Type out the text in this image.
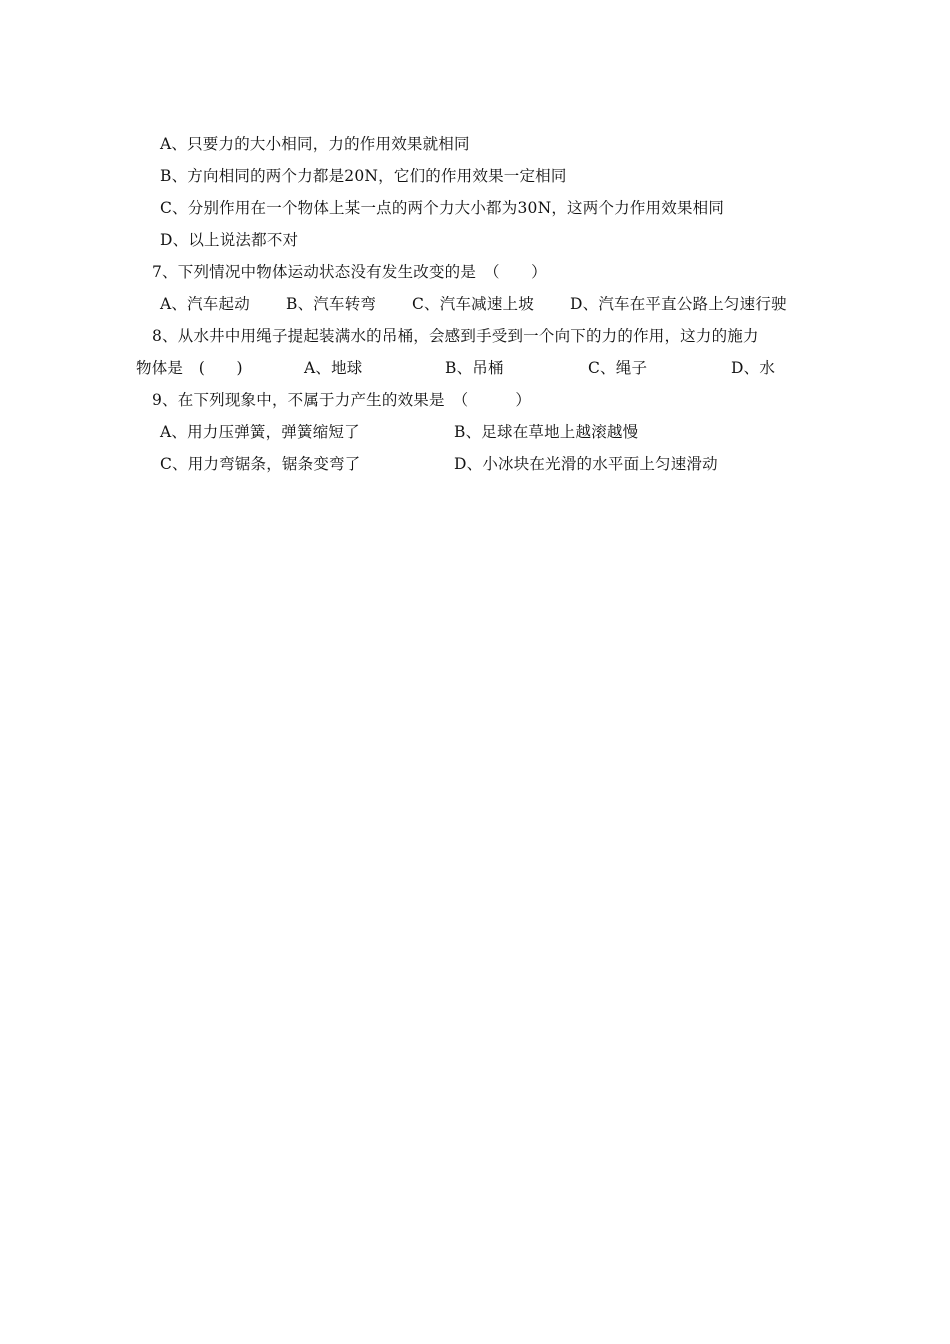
A、只要力的大小相同，力的作用效果就相同
B、方向相同的两个力都是20N，它们的作用效果一定相同
C、分别作用在一个物体上某一点的两个力大小都为30N，这两个力作用效果相同
D、以上说法都不对
7、下列情况中物体运动状态没有发生改变的是　（　　）
A、汽车起动 B、汽车转弯 C、汽车减速上坡 D、汽车在平直公路上匀速行驶
8、从水井中用绳子提起装满水的吊桶，会感到手受到一个向下的力的作用，这力的施力
物体是　(　　)	A、地球	B、吊桶	C、绳子	D、水
9、在下列现象中，不属于力产生的效果是　（　　　）
A、用力压弹簧，弹簧缩短了	B、足球在草地上越滚越慢
C、用力弯锯条，锯条变弯了	D、小冰块在光滑的水平面上匀速滑动
